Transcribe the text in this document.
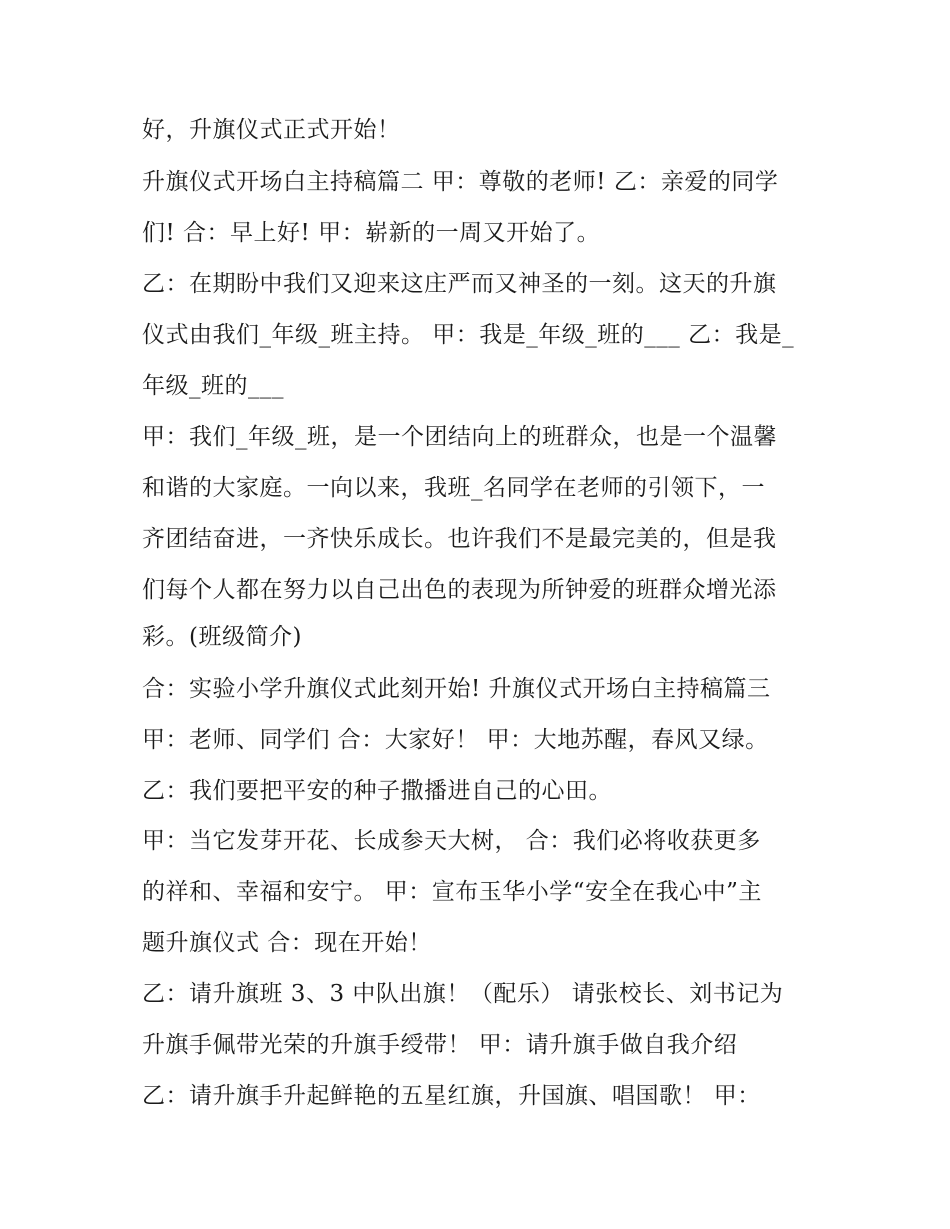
好，升旗仪式正式开始！
升旗仪式开场白主持稿篇二 甲：尊敬的老师! 乙：亲爱的同学
们! 合：早上好! 甲：崭新的一周又开始了。
乙：在期盼中我们又迎来这庄严而又神圣的一刻。这天的升旗
仪式由我们_年级_班主持。 甲：我是_年级_班的___ 乙：我是_
年级_班的___
甲：我们_年级_班，是一个团结向上的班群众，也是一个温馨
和谐的大家庭。一向以来，我班_名同学在老师的引领下，一
齐团结奋进，一齐快乐成长。也许我们不是最完美的，但是我
们每个人都在努力以自己出色的表现为所钟爱的班群众增光添
彩。(班级简介)
合：实验小学升旗仪式此刻开始! 升旗仪式开场白主持稿篇三
甲：老师、同学们 合：大家好！ 甲：大地苏醒，春风又绿。
乙：我们要把平安的种子撒播进自己的心田。
甲：当它发芽开花、长成参天大树， 合：我们必将收获更多
的祥和、幸福和安宁。 甲：宣布玉华小学“安全在我心中”主
题升旗仪式 合：现在开始！
乙：请升旗班 3、3 中队出旗！（配乐） 请张校长、刘书记为
升旗手佩带光荣的升旗手绶带！ 甲：请升旗手做自我介绍
乙：请升旗手升起鲜艳的五星红旗，升国旗、唱国歌！ 甲：
